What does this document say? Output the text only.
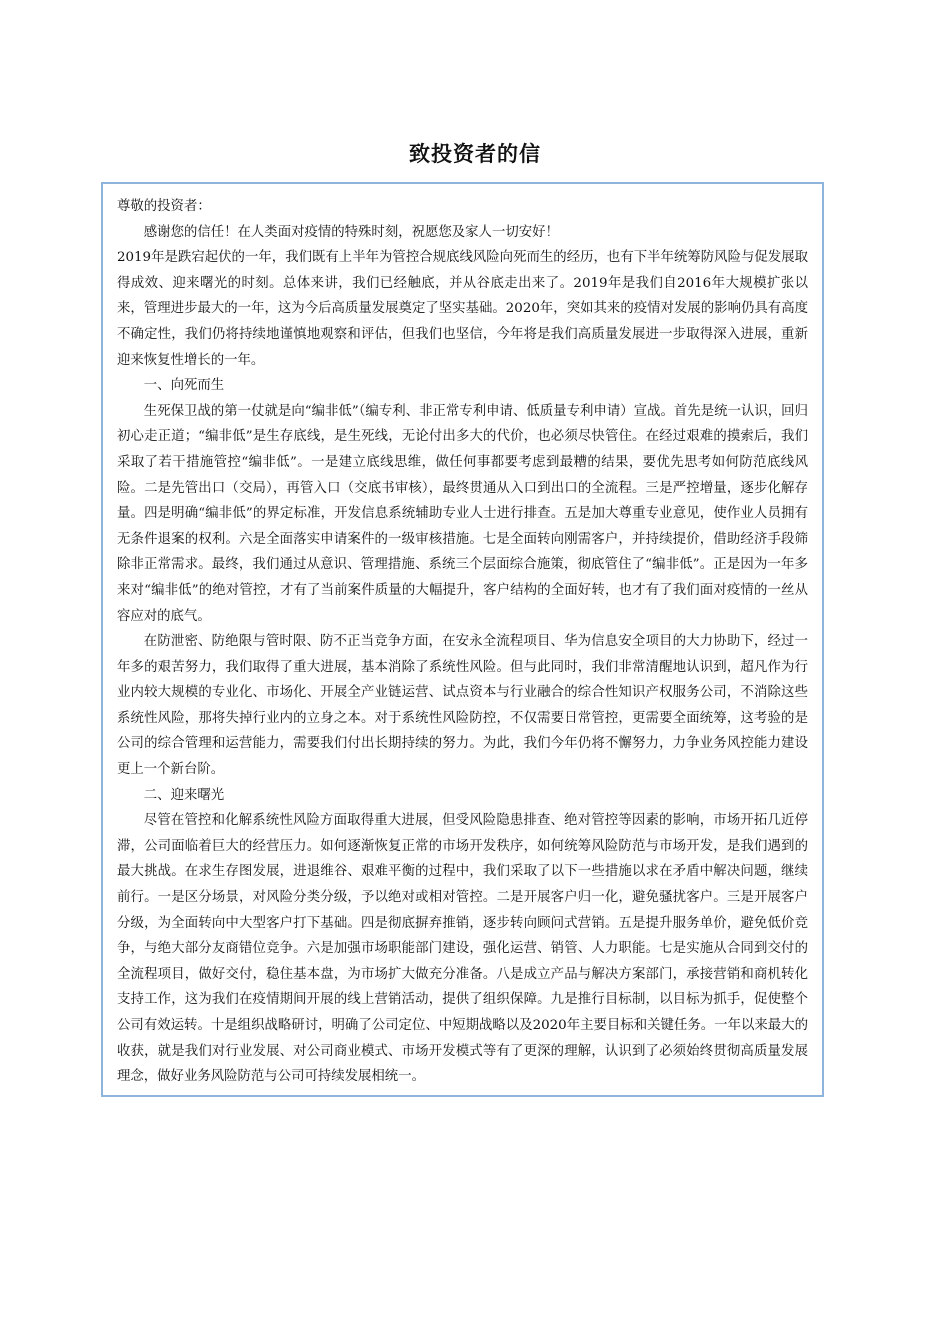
致投资者的信

尊敬的投资者：

感谢您的信任！在人类面对疫情的特殊时刻，祝愿您及家人一切安好！

2019年是跌宕起伏的一年，我们既有上半年为管控合规底线风险向死而生的经历，也有下半年统筹防风险与促发展取得成效、迎来曙光的时刻。总体来讲，我们已经触底，并从谷底走出来了。2019年是我们自2016年大规模扩张以来，管理进步最大的一年，这为今后高质量发展奠定了坚实基础。2020年，突如其来的疫情对发展的影响仍具有高度不确定性，我们仍将持续地谨慎地观察和评估，但我们也坚信，今年将是我们高质量发展进一步取得深入进展，重新迎来恢复性增长的一年。

一、向死而生

生死保卫战的第一仗就是向“编非低”（编专利、非正常专利申请、低质量专利申请）宣战。首先是统一认识，回归初心走正道；“编非低”是生存底线，是生死线，无论付出多大的代价，也必须尽快管住。在经过艰难的摸索后，我们采取了若干措施管控“编非低”。一是建立底线思维，做任何事都要考虑到最糟的结果，要优先思考如何防范底线风险。二是先管出口（交局），再管入口（交底书审核），最终贯通从入口到出口的全流程。三是严控增量，逐步化解存量。四是明确“编非低”的界定标准，开发信息系统辅助专业人士进行排查。五是加大尊重专业意见，使作业人员拥有无条件退案的权利。六是全面落实申请案件的一级审核措施。七是全面转向刚需客户，并持续提价，借助经济手段筛除非正常需求。最终，我们通过从意识、管理措施、系统三个层面综合施策，彻底管住了“编非低”。正是因为一年多来对“编非低”的绝对管控，才有了当前案件质量的大幅提升，客户结构的全面好转，也才有了我们面对疫情的一丝从容应对的底气。

在防泄密、防绝限与管时限、防不正当竞争方面，在安永全流程项目、华为信息安全项目的大力协助下，经过一年多的艰苦努力，我们取得了重大进展，基本消除了系统性风险。但与此同时，我们非常清醒地认识到，超凡作为行业内较大规模的专业化、市场化、开展全产业链运营、试点资本与行业融合的综合性知识产权服务公司，不消除这些系统性风险，那将失掉行业内的立身之本。对于系统性风险防控，不仅需要日常管控，更需要全面统筹，这考验的是公司的综合管理和运营能力，需要我们付出长期持续的努力。为此，我们今年仍将不懈努力，力争业务风控能力建设更上一个新台阶。

二、迎来曙光

尽管在管控和化解系统性风险方面取得重大进展，但受风险隐患排查、绝对管控等因素的影响，市场开拓几近停滞，公司面临着巨大的经营压力。如何逐渐恢复正常的市场开发秩序，如何统筹风险防范与市场开发，是我们遇到的最大挑战。在求生存图发展，进退维谷、艰难平衡的过程中，我们采取了以下一些措施以求在矛盾中解决问题，继续前行。一是区分场景，对风险分类分级，予以绝对或相对管控。二是开展客户归一化，避免骚扰客户。三是开展客户分级，为全面转向中大型客户打下基础。四是彻底摒弃推销，逐步转向顾问式营销。五是提升服务单价，避免低价竞争，与绝大部分友商错位竞争。六是加强市场职能部门建设，强化运营、销管、人力职能。七是实施从合同到交付的全流程项目，做好交付，稳住基本盘，为市场扩大做充分准备。八是成立产品与解决方案部门，承接营销和商机转化支持工作，这为我们在疫情期间开展的线上营销活动，提供了组织保障。九是推行目标制，以目标为抓手，促使整个公司有效运转。十是组织战略研讨，明确了公司定位、中短期战略以及2020年主要目标和关键任务。一年以来最大的收获，就是我们对行业发展、对公司商业模式、市场开发模式等有了更深的理解，认识到了必须始终贯彻高质量发展理念，做好业务风险防范与公司可持续发展相统一。
